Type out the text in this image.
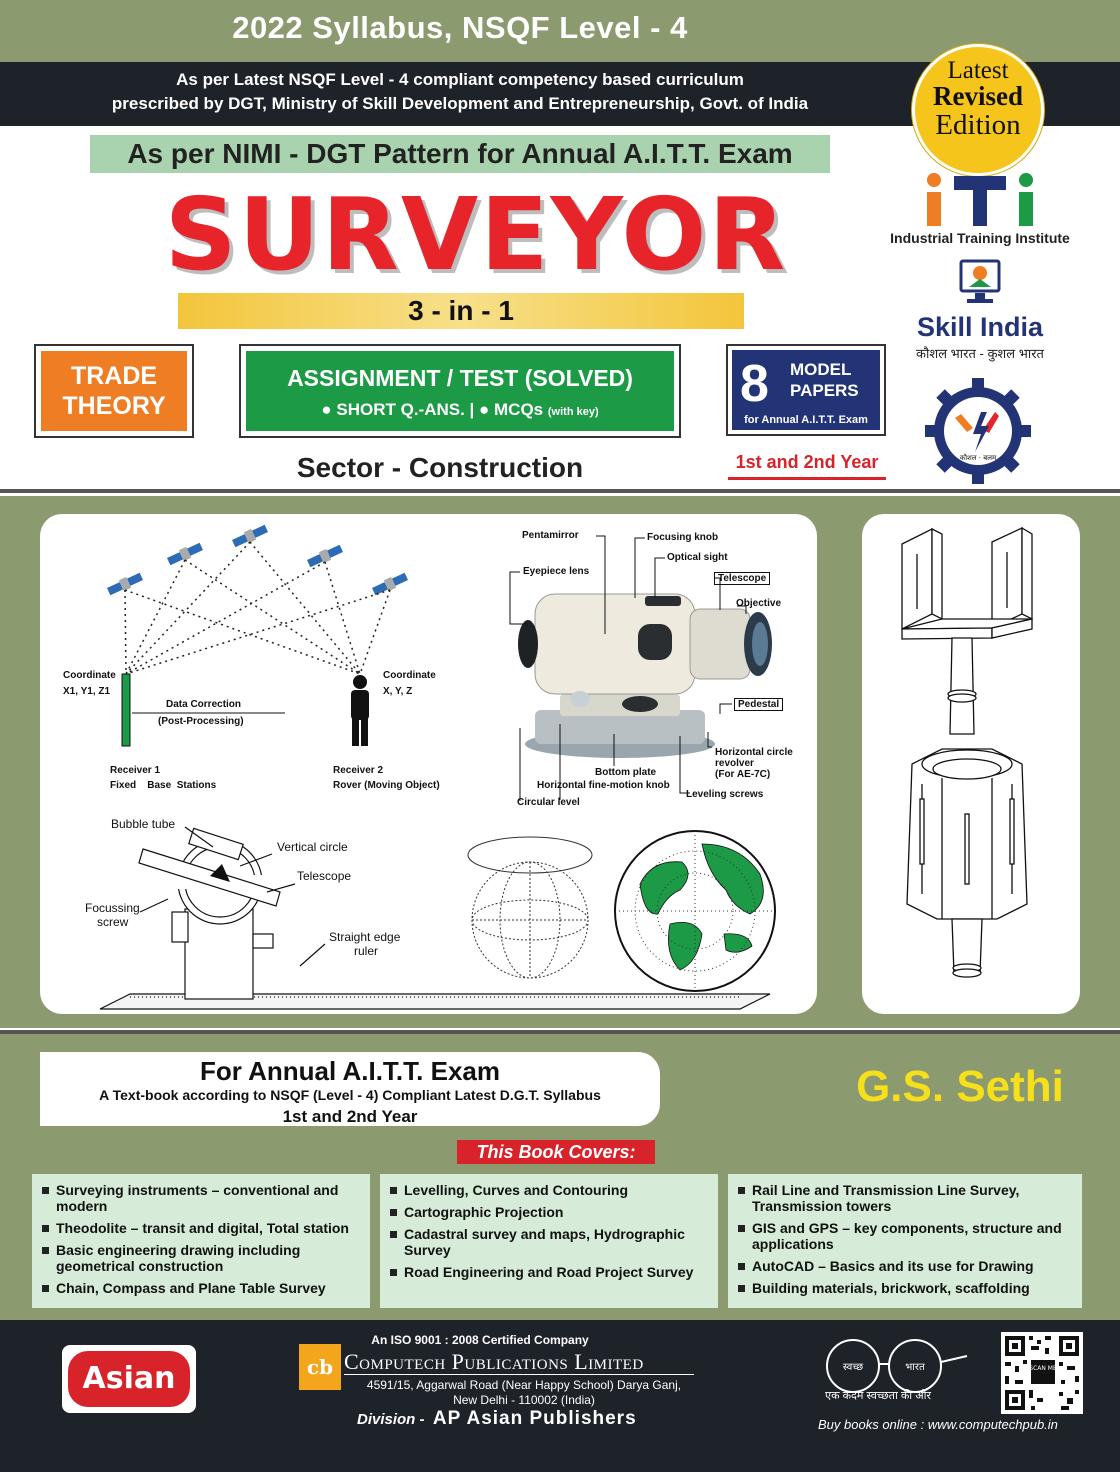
2022 Syllabus, NSQF Level - 4
As per Latest NSQF Level - 4 compliant competency based curriculum
prescribed by DGT, Ministry of Skill Development and Entrepreneurship, Govt. of India
Latest
Revised
Edition
As per NIMI - DGT Pattern for Annual A.I.T.T. Exam
SURVEYOR
3 - in - 1
TRADE
THEORY
ASSIGNMENT / TEST (SOLVED)
● SHORT Q.-ANS. | ● MCQs (with key)	8 MODEL
PAPERS
for Annual A.I.T.T. Exam
1st and 2nd Year
Sector - Construction
Industrial Training Institute
Skill India
कौशल भारत - कुशल भारत
कौशल · बलम
Coordinate
X1, Y1, Z1
Coordinate
X, Y, Z
Data Correction
(Post-Processing)
Receiver 1
Fixed    Base  Stations
Receiver 2
Rover (Moving Object)
Pentamirror	Focusing knob
Optical sight
Eyepiece lens
Telescope
Objective
Pedestal
Horizontal circle
revolver
(For AE-7C)
Bottom plate
Horizontal fine-motion knob
Leveling screws
Circular level
Bubble tube
Vertical circle
Telescope
Focussing
screw
Straight edge
ruler
For Annual A.I.T.T. Exam
A Text-book according to NSQF (Level - 4) Compliant Latest D.G.T. Syllabus
1st and 2nd Year
G.S. Sethi
This Book Covers:
Surveying instruments – conventional and modern
Theodolite – transit and digital, Total station
Basic engineering drawing including geometrical construction
Chain, Compass and Plane Table Survey
Levelling, Curves and Contouring
Cartographic Projection
Cadastral survey and maps, Hydrographic Survey
Road Engineering and Road Project Survey
Rail Line and Transmission Line Survey, Transmission towers
GIS and GPS – key components, structure and applications
AutoCAD – Basics and its use for Drawing
Building materials, brickwork, scaffolding
Asian
An ISO 9001 : 2008 Certified Company
cb Computech Publications Limited
4591/15, Aggarwal Road (Near Happy School) Darya Ganj,
New Delhi - 110002 (India)
Division - AP Asian Publishers
स्वच्छ	भारत
एक कदम स्वच्छता की ओर
SCAN ME
Buy books online : www.computechpub.in
